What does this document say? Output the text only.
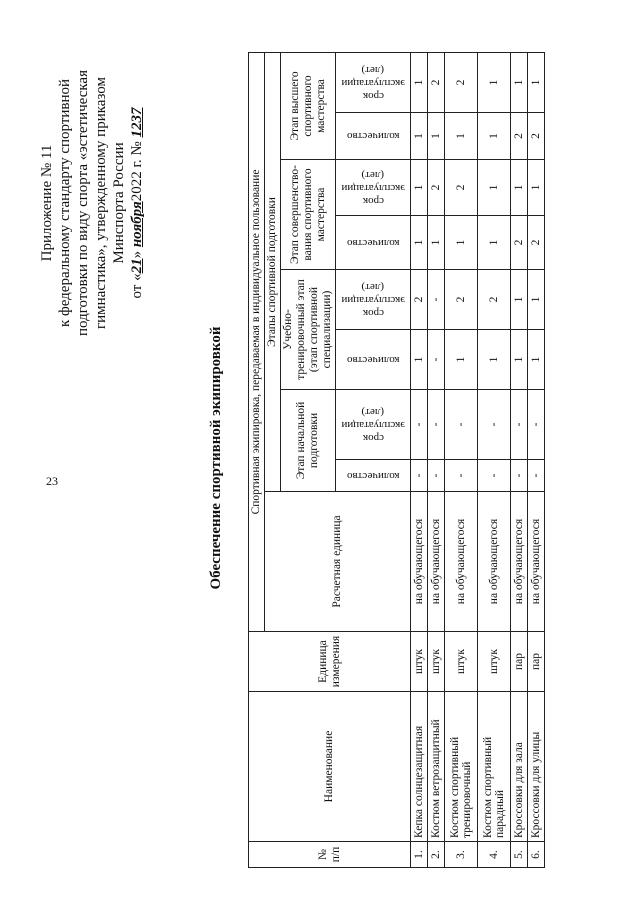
23
Приложение № 11 к федеральному стандарту спортивной подготовки по виду спорта «эстетическая гимнастика», утвержденному приказом Минспорта России
от «21» ноября2022 г. № 1237
Обеспечение спортивной экипировкой
№ п/п	Наименование	Единица измерения	Спортивная экипировка, передаваемая в индивидуальное пользование								
			Расчетная единица	Этапы спортивной подготовки							
				Этап начальной подготовки		Учебно-тренировочный этап (этап спортивной специализации)		Этап совершенство-вания спортивного мастерства		Этап высшего спортивного мастерства	

				количество	срок эксплуатации (лет)	количество	срок эксплуатации (лет)	количество	срок эксплуатации (лет)	количество	срок эксплуатации (лет)

1.	Кепка солнцезащитная	штук	на обучающегося	-	-	1	2	1	1	1	1
2.	Костюм ветрозащитный	штук	на обучающегося	-	-	-	-	1	2	1	2
3.	Костюм спортивный тренировочный	штук	на обучающегося	-	-	1	2	1	2	1	2
4.	Костюм спортивный парадный	штук	на обучающегося	-	-	1	2	1	1	1	1
5.	Кроссовки для зала	пар	на обучающегося	-	-	1	1	2	1	2	1
6.	Кроссовки для улицы	пар	на обучающегося	-	-	1	1	2	1	2	1
